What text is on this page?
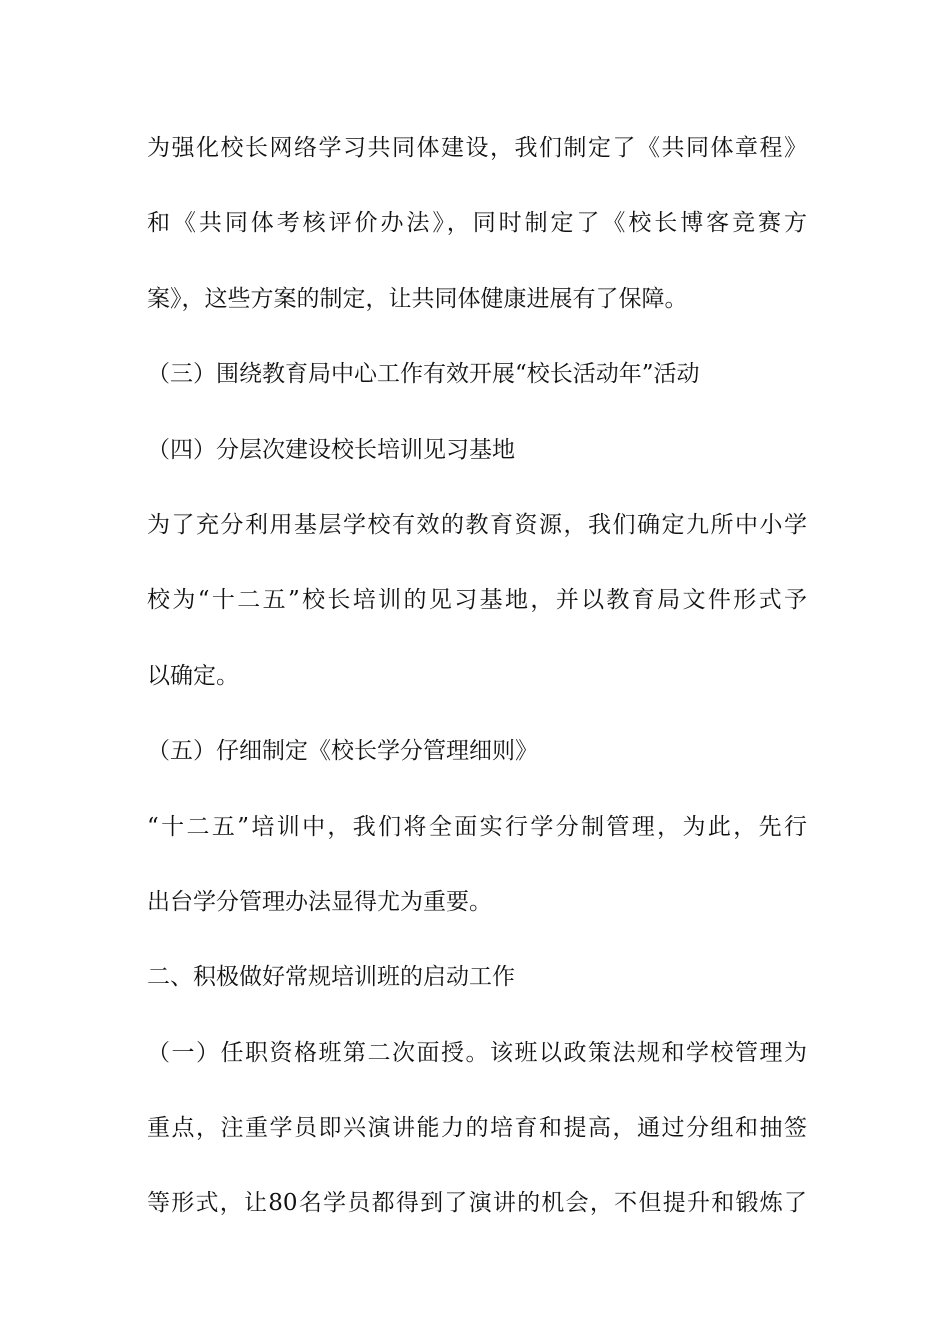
为强化校长网络学习共同体建设，我们制定了《共同体章程》
和《共同体考核评价办法》，同时制定了《校长博客竞赛方
案》，这些方案的制定，让共同体健康进展有了保障。
（三）围绕教育局中心工作有效开展“校长活动年”活动
（四）分层次建设校长培训见习基地
为了充分利用基层学校有效的教育资源，我们确定九所中小学
校为“十二五”校长培训的见习基地，并以教育局文件形式予
以确定。
（五）仔细制定《校长学分管理细则》
“十二五”培训中，我们将全面实行学分制管理，为此，先行
出台学分管理办法显得尤为重要。
二、积极做好常规培训班的启动工作
（一）任职资格班第二次面授。该班以政策法规和学校管理为
重点，注重学员即兴演讲能力的培育和提高，通过分组和抽签
等形式，让80名学员都得到了演讲的机会，不但提升和锻炼了
